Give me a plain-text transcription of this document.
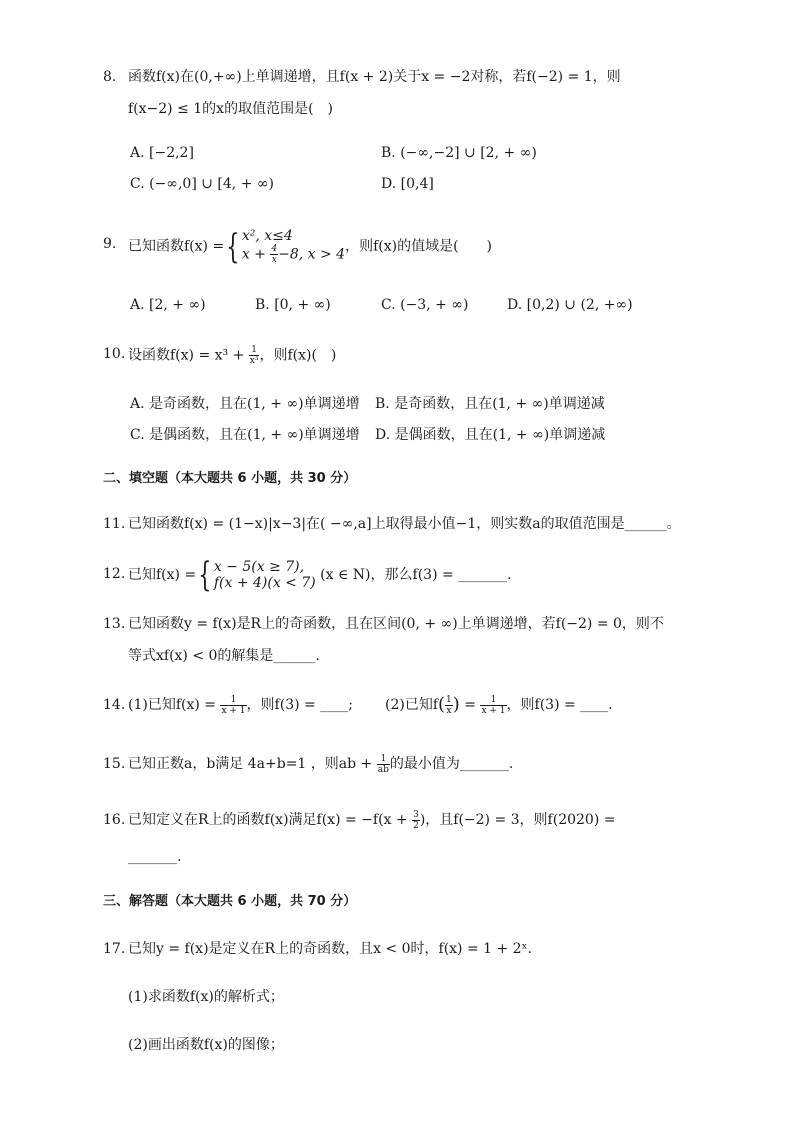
8. 函数f(x)在(0,+∞)上单调递增，且f(x + 2)关于x = −2对称，若f(−2) = 1，则
f(x−2) ≤ 1的x的取值范围是(　)
A. [−2,2]	B. (−∞,−2] ∪ [2, + ∞)
C. (−∞,0] ∪ [4, + ∞)	D. [0,4]
9. 已知函数f(x) ={ x², x≤4
$x + \frac{4}{x} -8$, x > 4 ，则f(x)的值域是(　　)
A. [2, + ∞)	B. [0, + ∞)	C. (−3, + ∞)	D. [0,2) ∪ (2, +∞)
10. 设函数$f(x) = x^3 + \frac{1}{\text{x³}}$ ，则f(x)(　)
A. 是奇函数，且在(1, + ∞)单调递增 B. 是奇函数，且在(1, + ∞)单调递减
C. 是偶函数，且在(1, + ∞)单调递增 D. 是偶函数，且在(1, + ∞)单调递减
二、填空题（本大题共 6 小题，共 30 分）
11. 已知函数f(x) = (1−x)|x−3|在( −∞,a]上取得最小值−1，则实数a的取值范围是______。
12. 已知f(x) ={ x − 5(x ≥ 7),
f(x + 4)(x < 7) (x ∈ N)，那么f(3) = _______.
13. 已知函数y = f(x)是R上的奇函数，且在区间(0, + ∞)上单调递增，若f(−2) = 0，则不
等式xf(x) < 0的解集是______.
14. (1)已知$f(x) = \frac{1}{x + 1}$ ，则f(3) = ____; (2)已知$f( \frac{1}{x}$ ) = $\frac{1}{x + 1}$ ，则f(3) = ____.
15. 已知正数a，b满足 4a+b=1 ，则ab + $\frac{1}{ab}$ 的最小值为_______.
16. 已知定义在R上的函数f(x)满足$f(x) = -f(x + \frac{3}{2}$ )，且f(−2) = 3，则f(2020) =
_______.
三、解答题（本大题共 6 小题，共 70 分）
17. 已知y = f(x)是定义在R上的奇函数，且x < 0时，f(x) = 1 + 2ˣ.
(1)求函数f(x)的解析式；
(2)画出函数f(x)的图像；
